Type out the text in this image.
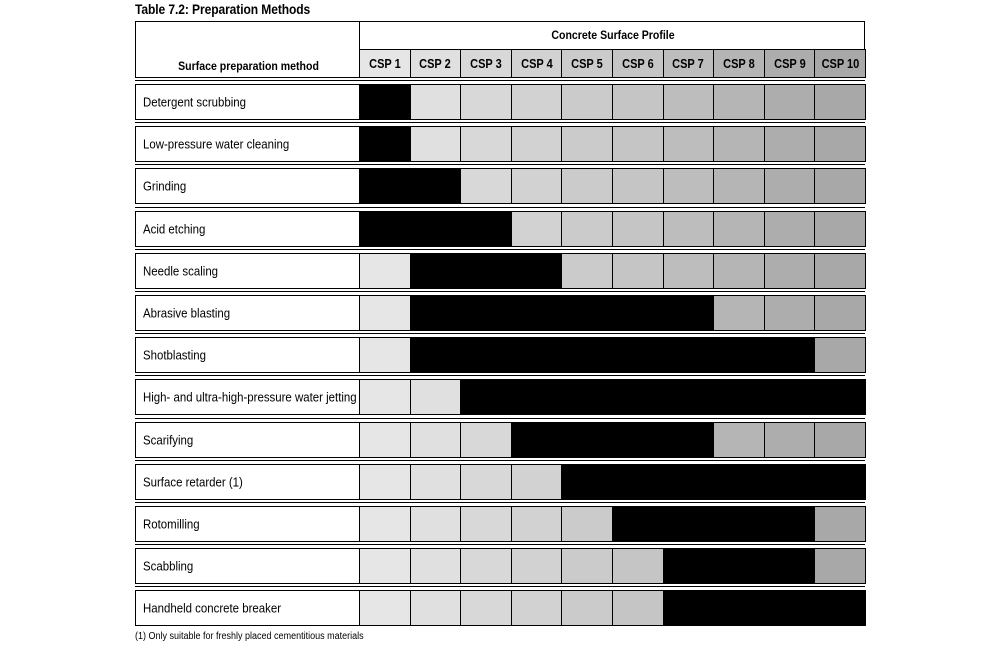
Table 7.2: Preparation Methods
Surface preparation method
Concrete Surface Profile
CSP 1 CSP 2 CSP 3 CSP 4 CSP 5 CSP 6 CSP 7 CSP 8 CSP 9 CSP 10
Detergent scrubbing
Low-pressure water cleaning
Grinding
Acid etching
Needle scaling
Abrasive blasting
Shotblasting
High- and ultra-high-pressure water jetting
Scarifying
Surface retarder (1)
Rotomilling
Scabbling
Handheld concrete breaker
(1) Only suitable for freshly placed cementitious materials
